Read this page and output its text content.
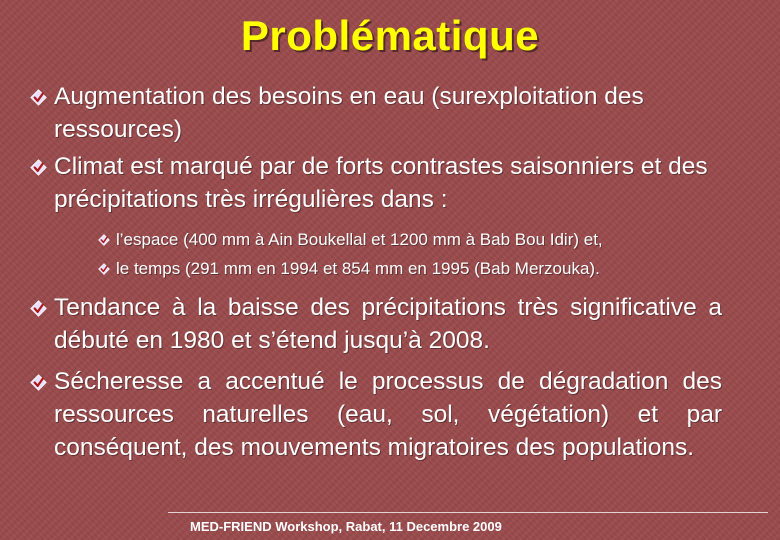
Problématique
Augmentation des besoins en eau (surexploitation des ressources)
Climat est marqué par de forts contrastes saisonniers et des précipitations très irrégulières dans :
l’espace (400 mm à Ain Boukellal et 1200 mm à Bab Bou Idir) et,
le temps (291 mm en 1994 et 854 mm en 1995 (Bab Merzouka).
Tendance à la baisse des précipitations très significative a débuté en 1980 et s’étend jusqu’à 2008.
Sécheresse a accentué le processus de dégradation des ressources naturelles (eau, sol, végétation) et par conséquent, des mouvements migratoires des populations.
MED-FRIEND Workshop, Rabat, 11 Decembre 2009
